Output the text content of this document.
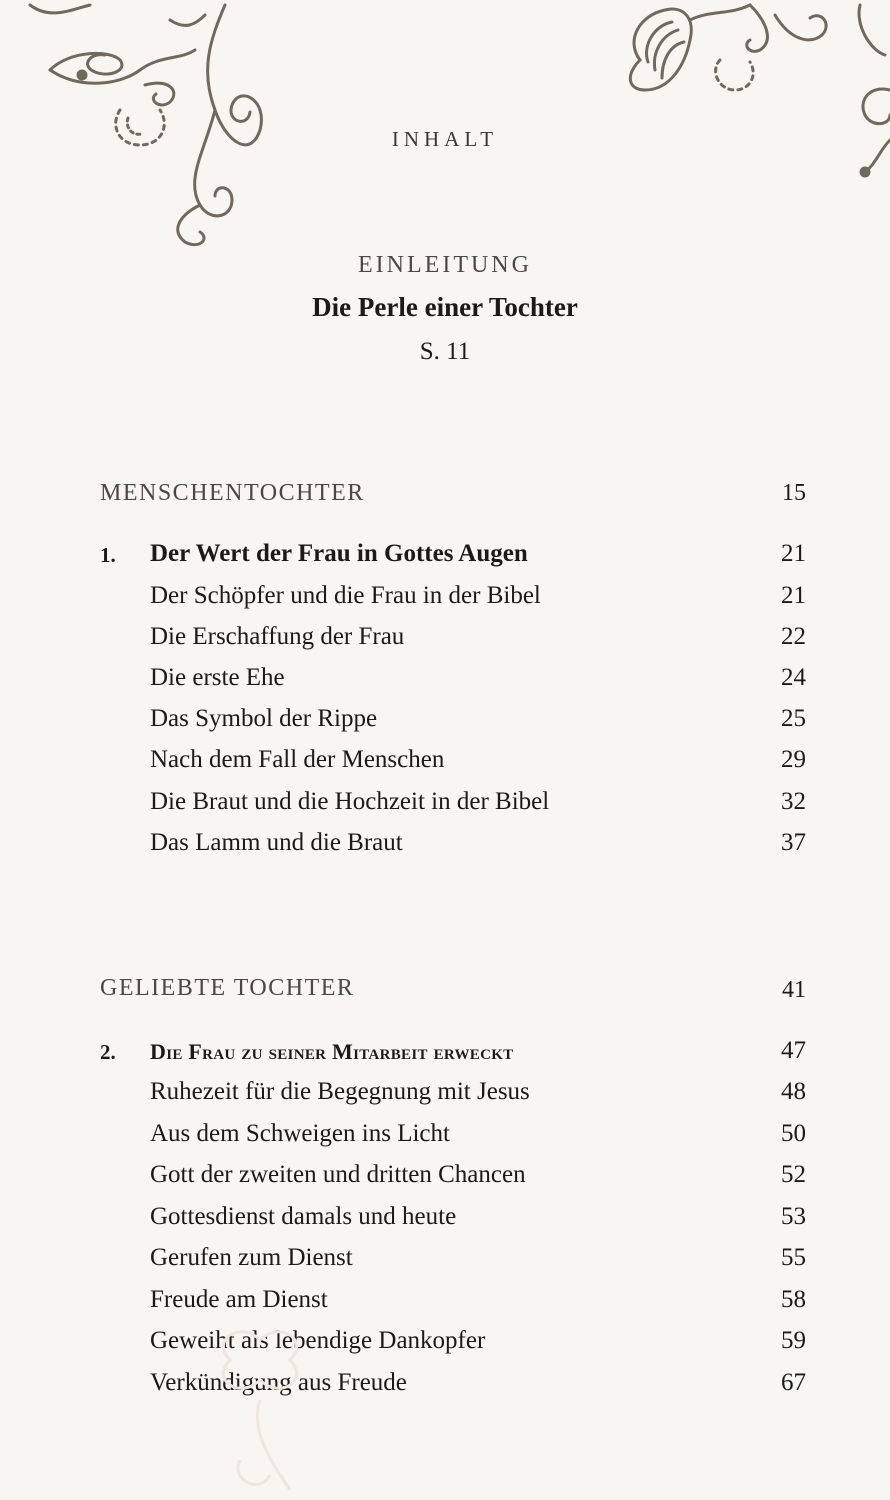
INHALT
EINLEITUNG
Die Perle einer Tochter
S. 11
MENSCHENTOCHTER	15
1. Der Wert der Frau in Gottes Augen	21
Der Schöpfer und die Frau in der Bibel	21
Die Erschaffung der Frau	22
Die erste Ehe	24
Das Symbol der Rippe	25
Nach dem Fall der Menschen	29
Die Braut und die Hochzeit in der Bibel	32
Das Lamm und die Braut	37
GELIEBTE TOCHTER	41
2. Die Frau zu seiner Mitarbeit erweckt	47
Ruhezeit für die Begegnung mit Jesus	48
Aus dem Schweigen ins Licht	50
Gott der zweiten und dritten Chancen	52
Gottesdienst damals und heute	53
Gerufen zum Dienst	55
Freude am Dienst	58
Geweiht als lebendige Dankopfer	59
Verkündigung aus Freude	67
